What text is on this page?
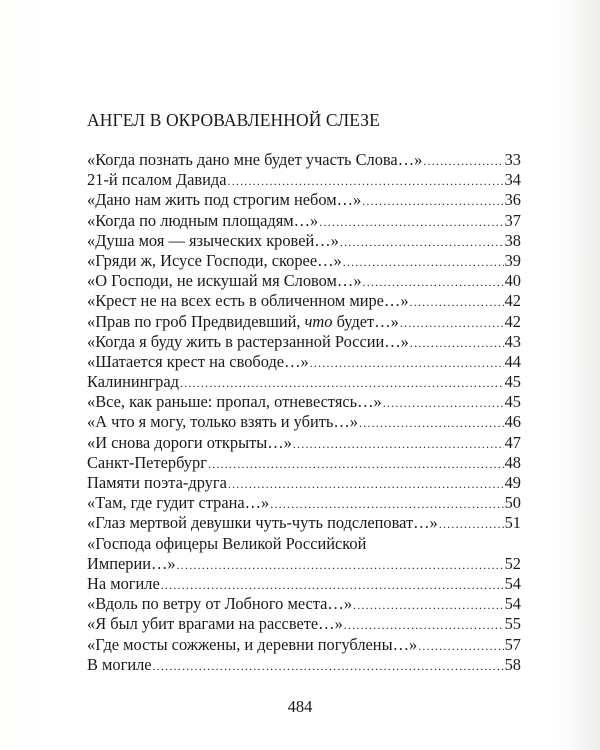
АНГЕЛ В ОКРОВАВЛЕННОЙ СЛЕЗЕ
«Когда познать дано мне будет участь Слова…» .....	33
21-й псалом Давида .....	34
«Дано нам жить под строгим небом…» .....	36
«Когда по людным площадям…» .....	37
«Душа моя — языческих кровей…» .....	38
«Гряди ж, Исусе Господи, скорее…» .....	39
«О Господи, не искушай мя Словом…» .....	40
«Крест не на всех есть в обличенном мире…» .....	42
«Прав по гроб Предвидевший, что будет…» .....	42
«Когда я буду жить в растерзанной России…» .....	43
«Шатается крест на свободе…» .....	44
Калининград .....	45
«Все, как раньше: пропал, отневестясь…» .....	45
«А что я могу, только взять и убить…» .....	46
«И снова дороги открыты…» .....	47
Санкт-Петербург .....	48
Памяти поэта-друга .....	49
«Там, где гудит страна…» .....	50
«Глаз мертвой девушки чуть-чуть подслеповат…» .....	51
«Господа офицеры Великой Российской
Империи…» .....	52
На могиле .....	54
«Вдоль по ветру от Лобного места…» .....	54
«Я был убит врагами на рассвете…» .....	55
«Где мосты сожжены, и деревни погублены…» .....	57
В могиле .....	58
484
